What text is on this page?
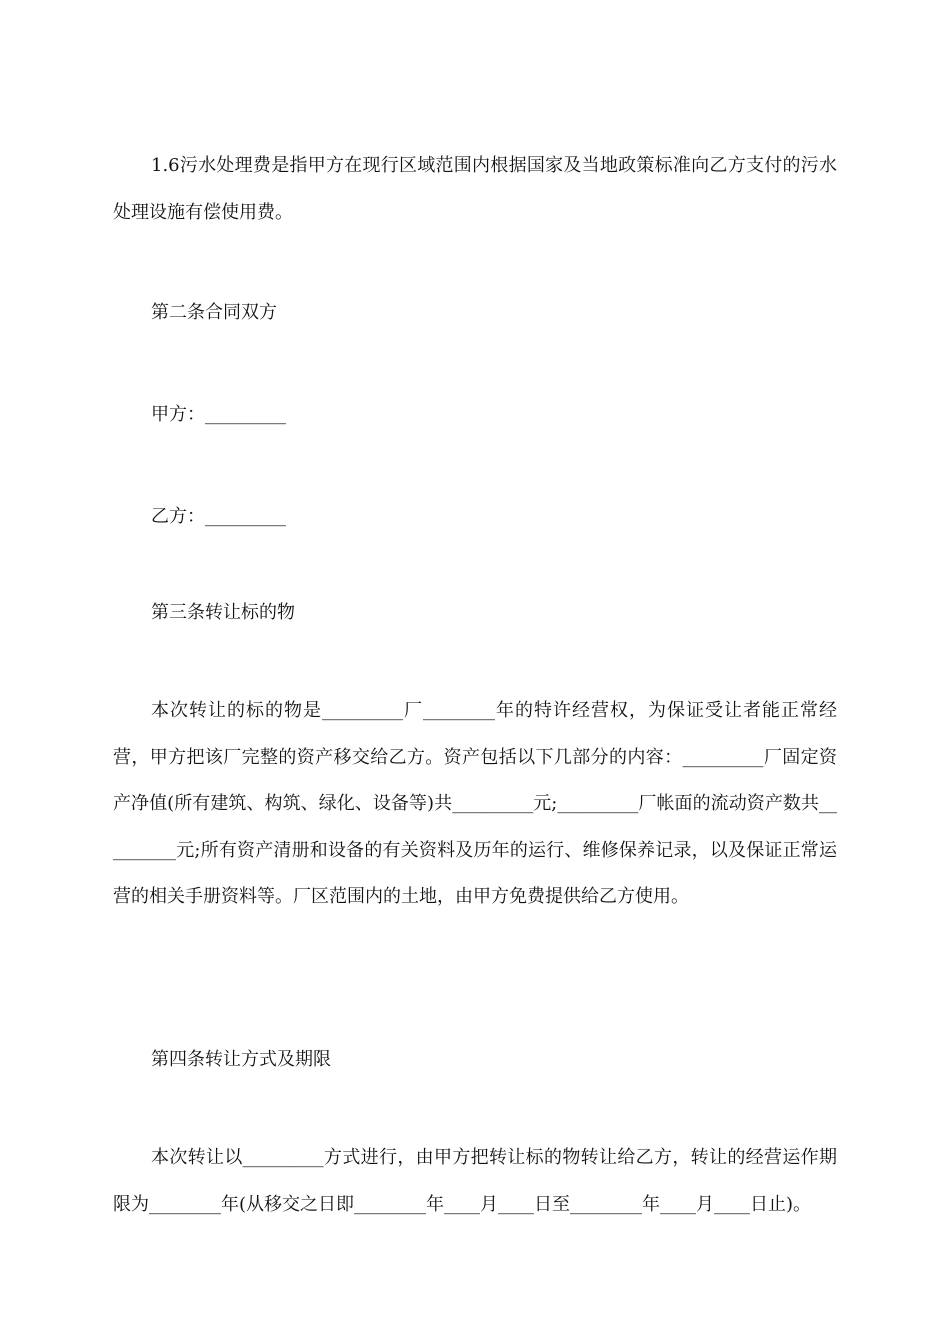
1.6污水处理费是指甲方在现行区域范围内根据国家及当地政策标准向乙方支付的污水处理设施有偿使用费。

第二条合同双方

甲方：_________

乙方：_________

第三条转让标的物

本次转让的标的物是_________厂________年的特许经营权，为保证受让者能正常经营，甲方把该厂完整的资产移交给乙方。资产包括以下几部分的内容：_________厂固定资产净值(所有建筑、构筑、绿化、设备等)共_________元;_________厂帐面的流动资产数共_________元;所有资产清册和设备的有关资料及历年的运行、维修保养记录，以及保证正常运营的相关手册资料等。厂区范围内的土地，由甲方免费提供给乙方使用。

第四条转让方式及期限

本次转让以_________方式进行，由甲方把转让标的物转让给乙方，转让的经营运作期限为________年(从移交之日即________年____月____日至________年____月____日止)。
